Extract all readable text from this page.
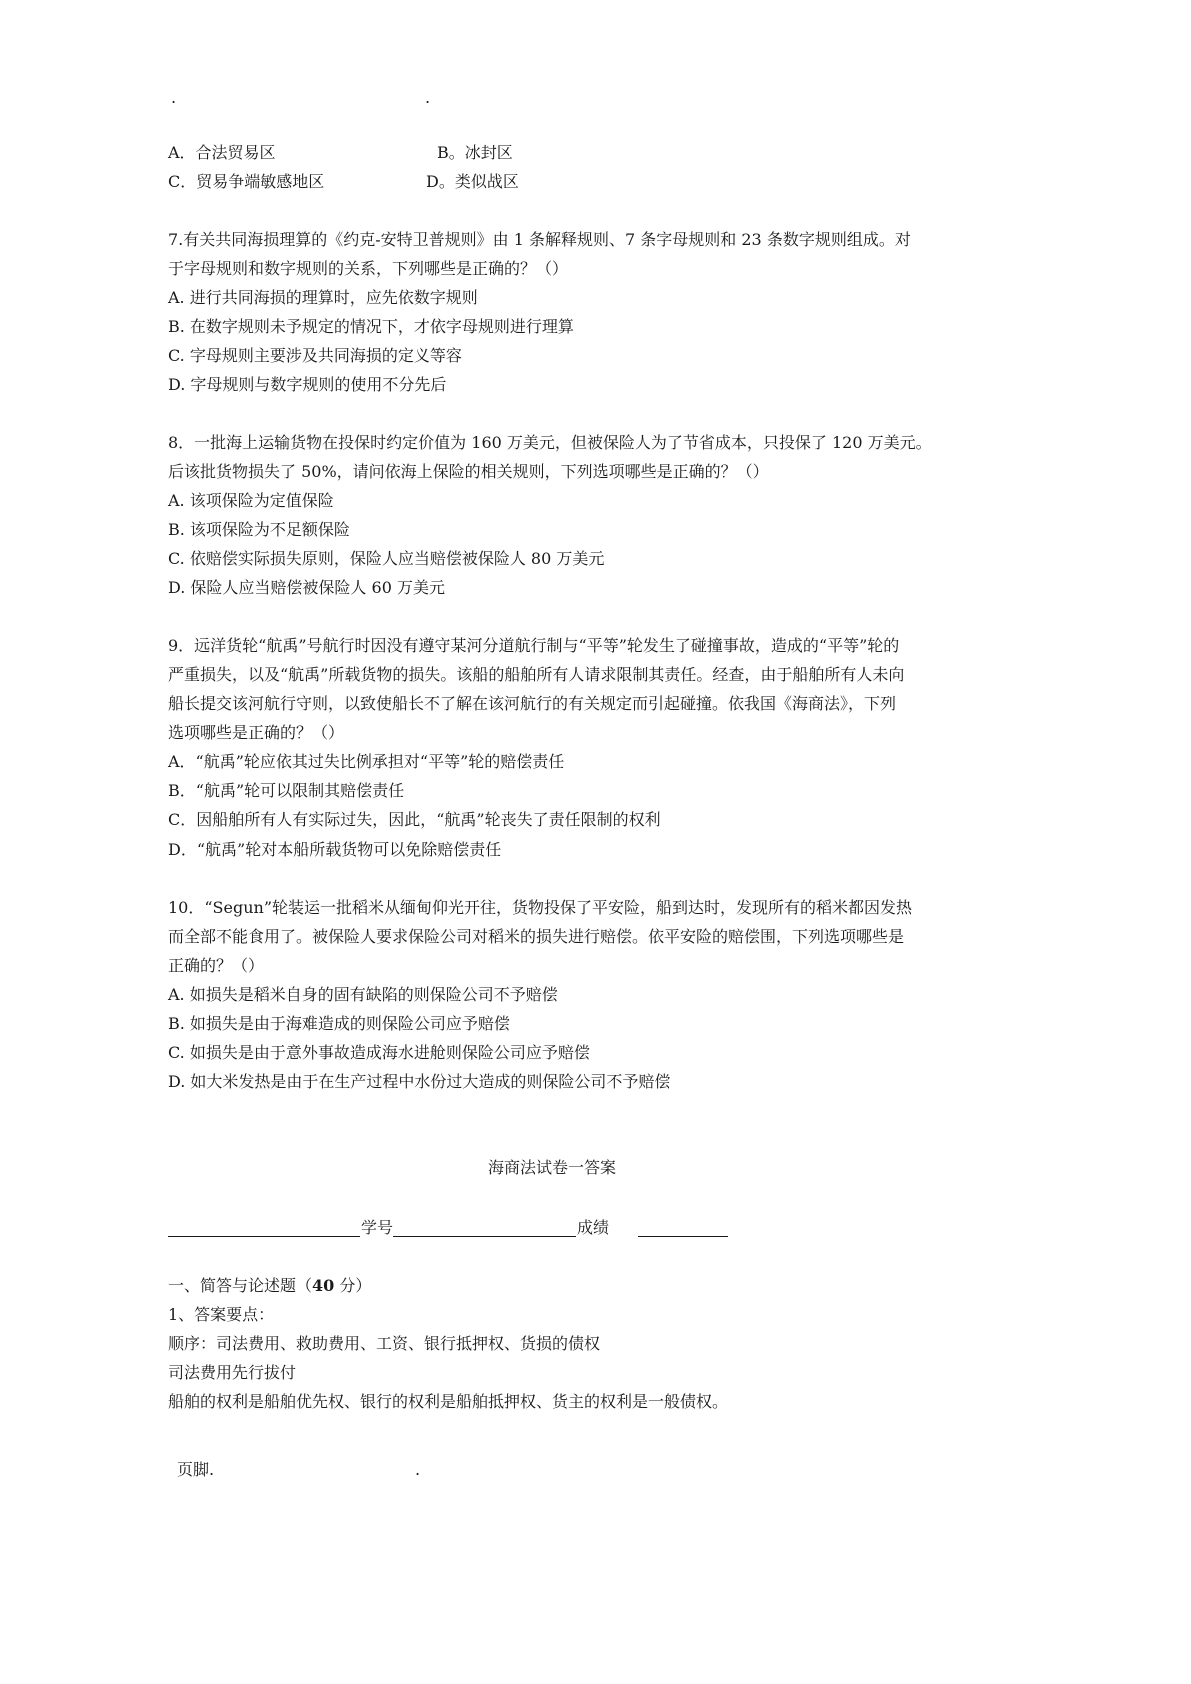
.	.
A．合法贸易区	B。冰封区
C．贸易争端敏感地区	D。类似战区
7.有关共同海损理算的《约克-安特卫普规则》由 1 条解释规则、7 条字母规则和 23 条数字规则组成。对
于字母规则和数字规则的关系，下列哪些是正确的？（）
A. 进行共同海损的理算时，应先依数字规则
B. 在数字规则未予规定的情况下，才依字母规则进行理算
C. 字母规则主要涉及共同海损的定义等容
D. 字母规则与数字规则的使用不分先后
8．一批海上运输货物在投保时约定价值为 160 万美元，但被保险人为了节省成本，只投保了 120 万美元。
后该批货物损失了 50%，请问依海上保险的相关规则，下列选项哪些是正确的？（）
A. 该项保险为定值保险
B. 该项保险为不足额保险
C. 依赔偿实际损失原则，保险人应当赔偿被保险人 80 万美元
D. 保险人应当赔偿被保险人 60 万美元
9．远洋货轮“航禹”号航行时因没有遵守某河分道航行制与“平等”轮发生了碰撞事故，造成的“平等”轮的
严重损失，以及“航禹”所载货物的损失。该船的船舶所有人请求限制其责任。经查，由于船舶所有人未向
船长提交该河航行守则，以致使船长不了解在该河航行的有关规定而引起碰撞。依我国《海商法》，下列
选项哪些是正确的？（）
A．“航禹”轮应依其过失比例承担对“平等”轮的赔偿责任
B．“航禹”轮可以限制其赔偿责任
C．因船舶所有人有实际过失，因此，“航禹”轮丧失了责任限制的权利
D．“航禹”轮对本船所载货物可以免除赔偿责任
10．“Segun”轮装运一批稻米从缅甸仰光开往，货物投保了平安险，船到达时，发现所有的稻米都因发热
而全部不能食用了。被保险人要求保险公司对稻米的损失进行赔偿。依平安险的赔偿围，下列选项哪些是
正确的？（）
A. 如损失是稻米自身的固有缺陷的则保险公司不予赔偿
B. 如损失是由于海难造成的则保险公司应予赔偿
C. 如损失是由于意外事故造成海水进舱则保险公司应予赔偿
D. 如大米发热是由于在生产过程中水份过大造成的则保险公司不予赔偿
海商法试卷一答案
学号	成绩
一、简答与论述题（40 分）
1、答案要点：
顺序：司法费用、救助费用、工资、银行抵押权、货损的债权
司法费用先行拔付
船舶的权利是船舶优先权、银行的权利是船舶抵押权、货主的权利是一般债权。
页脚.	.
